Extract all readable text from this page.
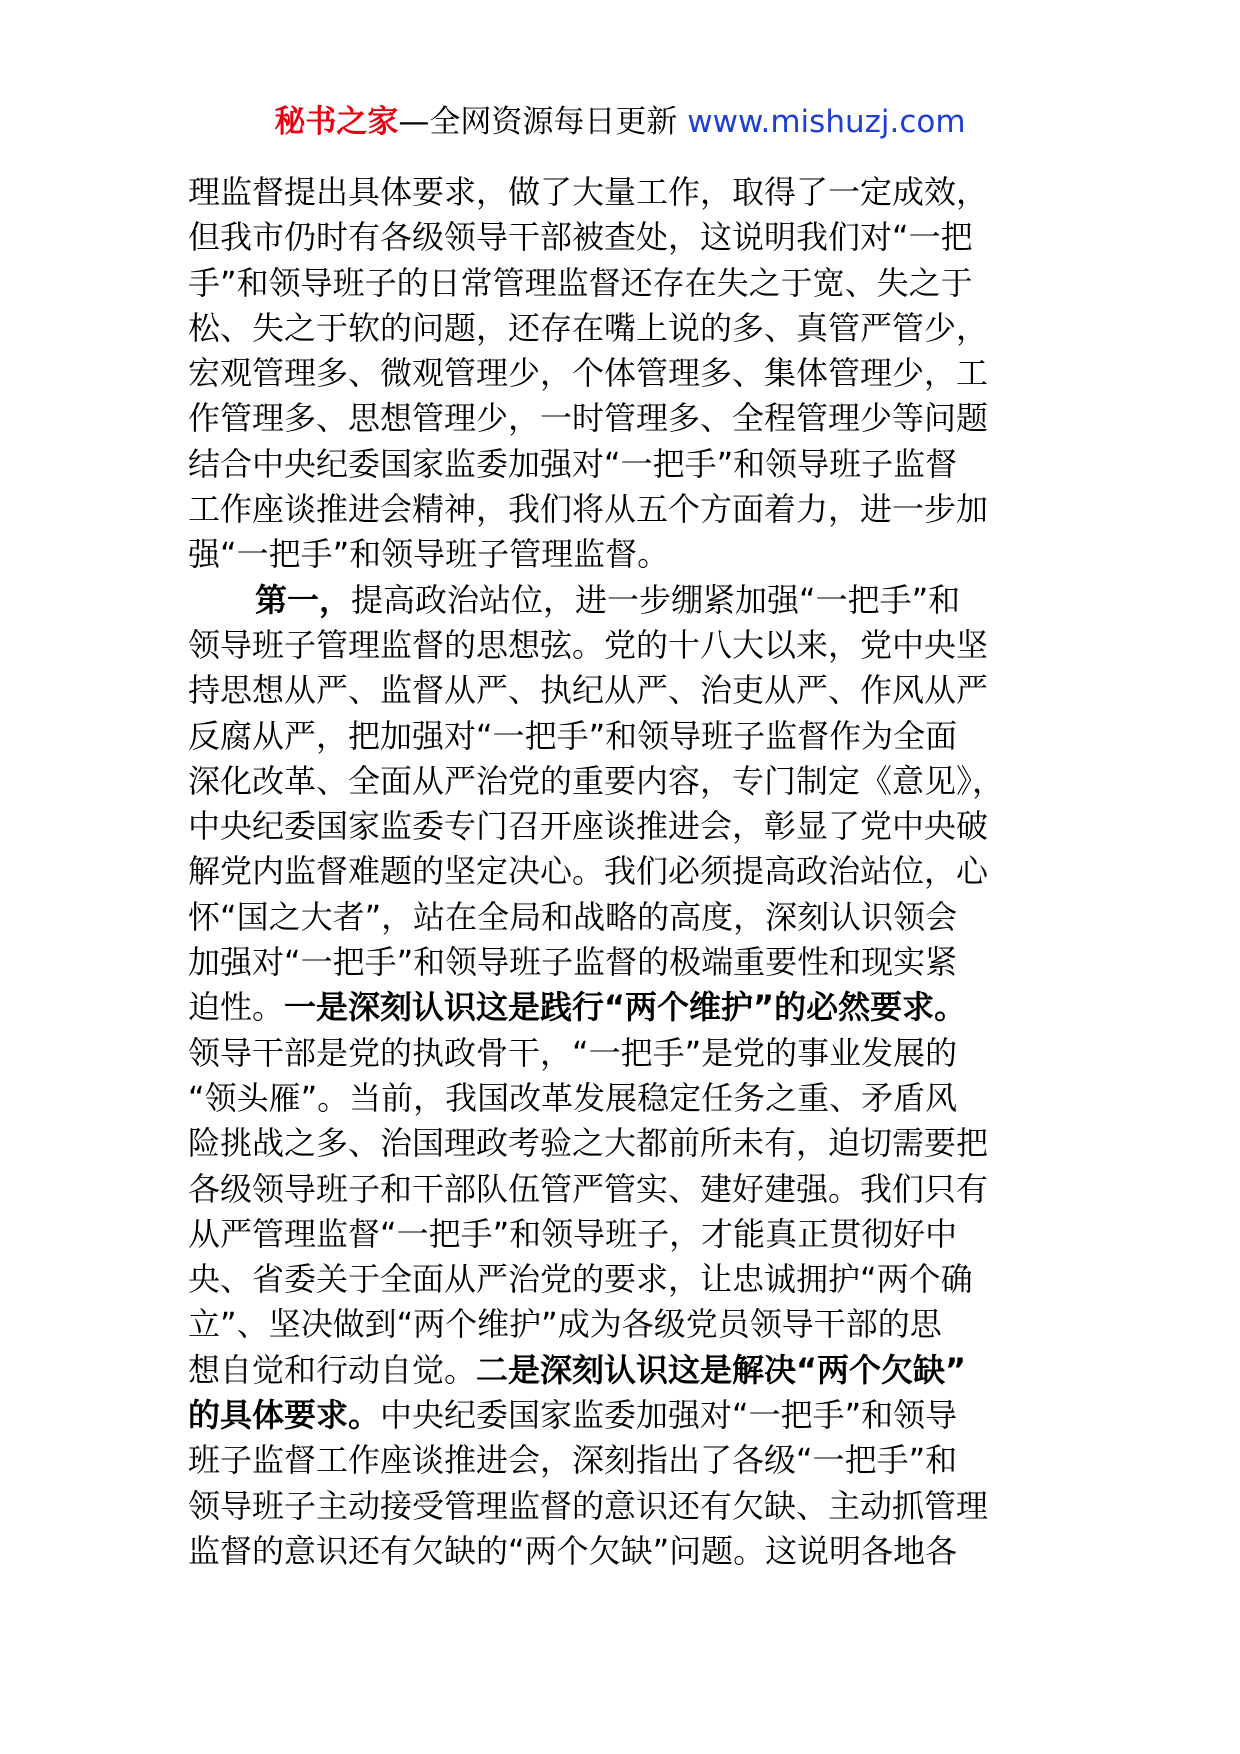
秘书之家—全网资源每日更新 www.mishuzj.com
理监督提出具体要求，做了大量工作，取得了一定成效，
但我市仍时有各级领导干部被查处，这说明我们对“一把
手”和领导班子的日常管理监督还存在失之于宽、失之于
松、失之于软的问题，还存在嘴上说的多、真管严管少，
宏观管理多、微观管理少，个体管理多、集体管理少，工
作管理多、思想管理少，一时管理多、全程管理少等问题
结合中央纪委国家监委加强对“一把手”和领导班子监督
工作座谈推进会精神，我们将从五个方面着力，进一步加
强“一把手”和领导班子管理监督。
第一，提高政治站位，进一步绷紧加强“一把手”和
领导班子管理监督的思想弦。党的十八大以来，党中央坚
持思想从严、监督从严、执纪从严、治吏从严、作风从严
反腐从严，把加强对“一把手”和领导班子监督作为全面
深化改革、全面从严治党的重要内容，专门制定《意见》，
中央纪委国家监委专门召开座谈推进会，彰显了党中央破
解党内监督难题的坚定决心。我们必须提高政治站位，心
怀“国之大者”，站在全局和战略的高度，深刻认识领会
加强对“一把手”和领导班子监督的极端重要性和现实紧
迫性。一是深刻认识这是践行“两个维护”的必然要求。
领导干部是党的执政骨干，“一把手”是党的事业发展的
“领头雁”。当前，我国改革发展稳定任务之重、矛盾风
险挑战之多、治国理政考验之大都前所未有，迫切需要把
各级领导班子和干部队伍管严管实、建好建强。我们只有
从严管理监督“一把手”和领导班子，才能真正贯彻好中
央、省委关于全面从严治党的要求，让忠诚拥护“两个确
立”、坚决做到“两个维护”成为各级党员领导干部的思
想自觉和行动自觉。二是深刻认识这是解决“两个欠缺”
的具体要求。中央纪委国家监委加强对“一把手”和领导
班子监督工作座谈推进会，深刻指出了各级“一把手”和
领导班子主动接受管理监督的意识还有欠缺、主动抓管理
监督的意识还有欠缺的“两个欠缺”问题。这说明各地各
